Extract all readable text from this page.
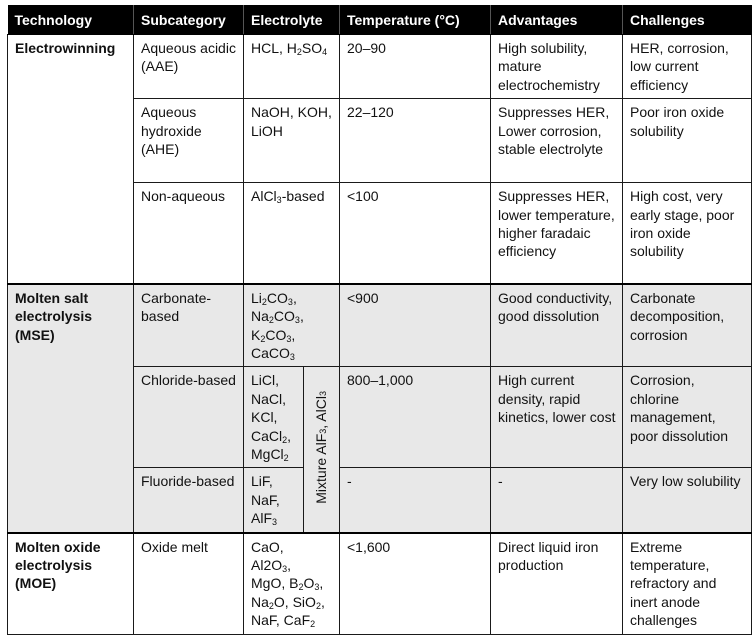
Technology	Subcategory	Electrolyte		Temperature (°C)	Advantages	Challenges
Electrowinning	Aqueous acidic (AAE)	HCL, $H_2SO_4$		20–90	High solubility, mature electrochemistry	HER, corrosion, low current efficiency
	Aqueous hydroxide (AHE)	NaOH, KOH, LiOH		22–120	Suppresses HER, Lower corrosion, stable electrolyte	Poor iron oxide solubility
	Non-aqueous	AlCl$_3$-based		<100	Suppresses HER, lower temperature, higher faradaic efficiency	High cost, very early stage, poor iron oxide solubility
Molten salt electrolysis (MSE)	Carbonate-based	$Li_2CO_3$,
$Na_2CO_3$,
$K_2CO_3$,
CaCO$_3$		<900	Good conductivity, good dissolution	Carbonate decomposition, corrosion
	Chloride-based	LiCl,
NaCl,
KCl,
CaCl$_2$,
MgCl$_2$	Mixture AlF$_3$, AlCl$_3$	800–1,000	High current density, rapid kinetics, lower cost	Corrosion, chlorine management, poor dissolution
	Fluoride-based	LiF,
NaF,
AlF$_3$		-	-	Very low solubility
Molten oxide electrolysis (MOE)	Oxide melt	CaO,
$Al2O_3$,
MgO, $B_2O_3$,
$Na_2O$, SiO$_2$,
NaF, CaF$_2$		<1,600	Direct liquid iron production	Extreme temperature, refractory and inert anode challenges
